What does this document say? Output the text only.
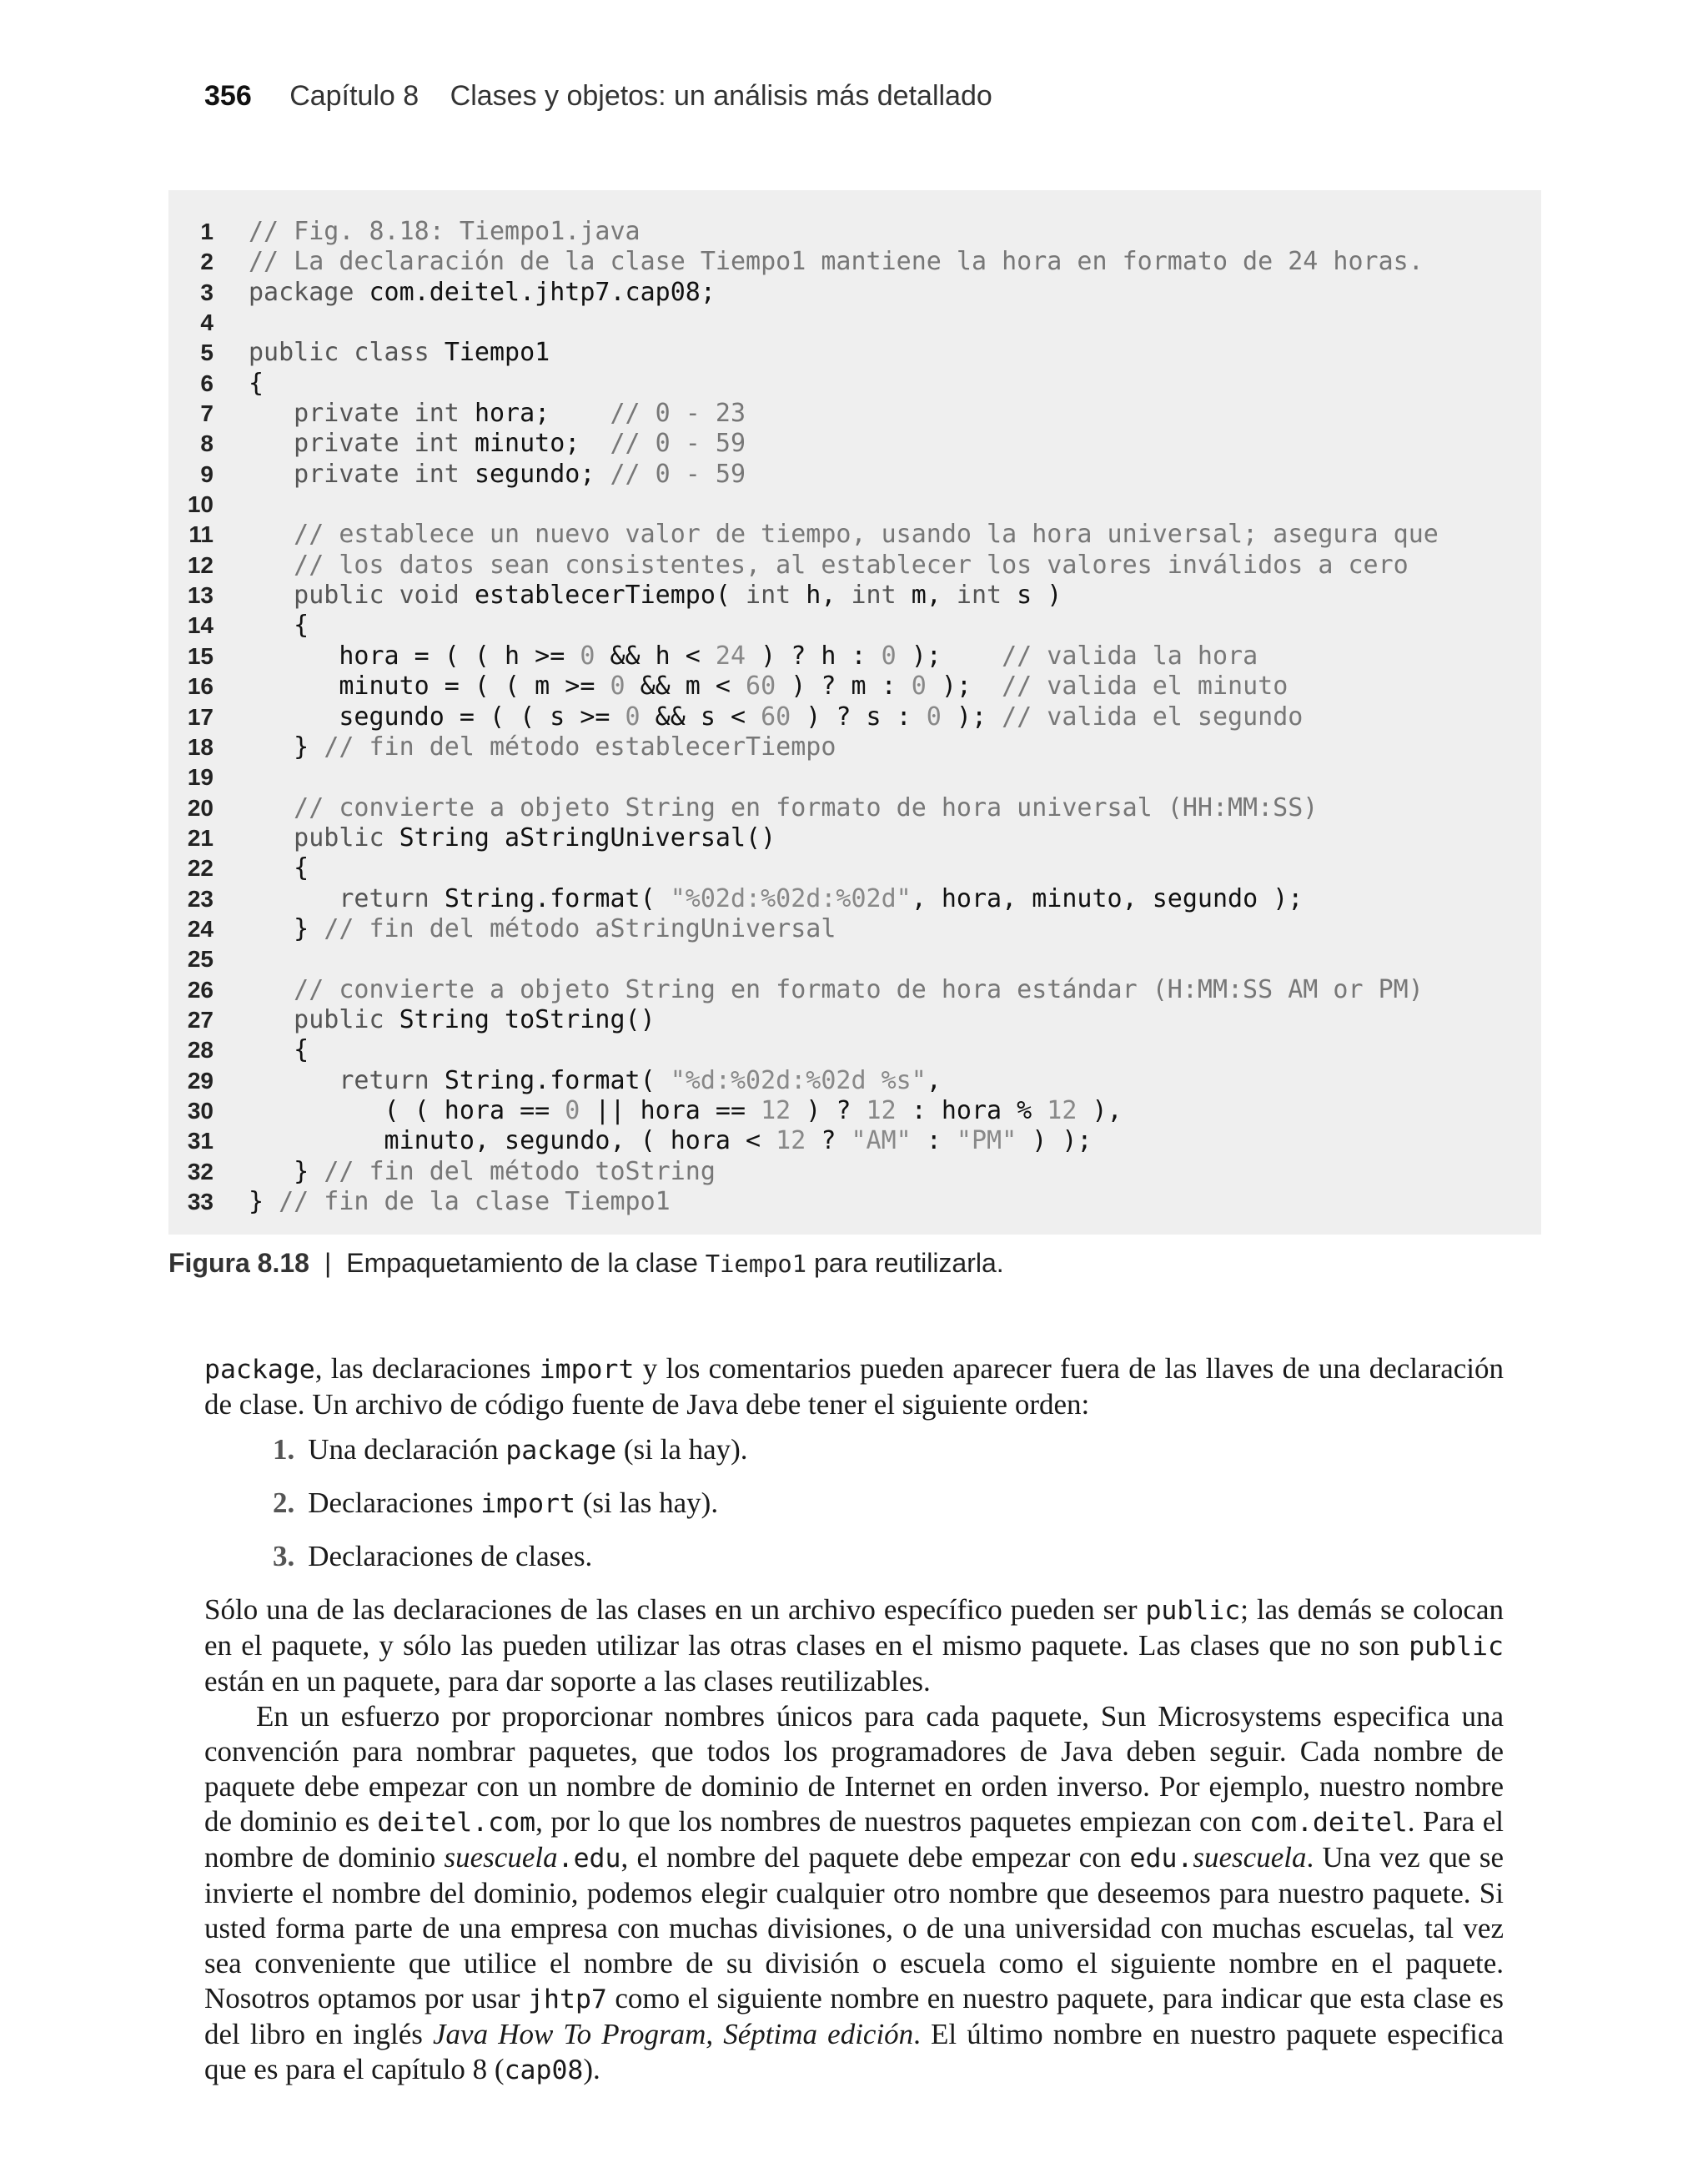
356 Capítulo 8 Clases y objetos: un análisis más detallado
1 // Fig. 8.18: Tiempo1.java
2 // La declaración de la clase Tiempo1 mantiene la hora en formato de 24 horas.
3 package com.deitel.jhtp7.cap08;
4
5 public class Tiempo1
6 {
7 private int hora;    // 0 - 23
8 private int minuto;  // 0 - 59
9 private int segundo; // 0 - 59
10
11 // establece un nuevo valor de tiempo, usando la hora universal; asegura que
12 // los datos sean consistentes, al establecer los valores inválidos a cero
13 public void establecerTiempo( int h, int m, int s )
14 {
15 hora = ( ( h >= 0 && h < 24 ) ? h : 0 );    // valida la hora
16 minuto = ( ( m >= 0 && m < 60 ) ? m : 0 );  // valida el minuto
17 segundo = ( ( s >= 0 && s < 60 ) ? s : 0 ); // valida el segundo
18 } // fin del método establecerTiempo
19
20 // convierte a objeto String en formato de hora universal (HH:MM:SS)
21 public String aStringUniversal()
22 {
23 return String.format( "%02d:%02d:%02d", hora, minuto, segundo );
24 } // fin del método aStringUniversal
25
26 // convierte a objeto String en formato de hora estándar (H:MM:SS AM or PM)
27 public String toString()
28 {
29 return String.format( "%d:%02d:%02d %s",
30 ( ( hora == 0 || hora == 12 ) ? 12 : hora % 12 ),
31 minuto, segundo, ( hora < 12 ? "AM" : "PM" ) );
32 } // fin del método toString
33 } // fin de la clase Tiempo1
Figura 8.18 | Empaquetamiento de la clase Tiempo1 para reutilizarla.

package, las declaraciones import y los comentarios pueden aparecer fuera de las llaves de una declaración de clase. Un archivo de código fuente de Java debe tener el siguiente orden:

1. Una declaración package (si la hay).
2. Declaraciones import (si las hay).
3. Declaraciones de clases.

Sólo una de las declaraciones de las clases en un archivo específico pueden ser public; las demás se colocan en el paquete, y sólo las pueden utilizar las otras clases en el mismo paquete. Las clases que no son public están en un paquete, para dar soporte a las clases reutilizables.

En un esfuerzo por proporcionar nombres únicos para cada paquete, Sun Microsystems especifica una convención para nombrar paquetes, que todos los programadores de Java deben seguir. Cada nombre de paquete debe empezar con un nombre de dominio de Internet en orden inverso. Por ejemplo, nuestro nombre de dominio es deitel.com, por lo que los nombres de nuestros paquetes empiezan con com.deitel. Para el nombre de dominio suescuela.edu, el nombre del paquete debe empezar con edu.suescuela. Una vez que se invierte el nombre del dominio, podemos elegir cualquier otro nombre que deseemos para nuestro paquete. Si usted forma parte de una empresa con muchas divisiones, o de una universidad con muchas escuelas, tal vez sea conveniente que utilice el nombre de su división o escuela como el siguiente nombre en el paquete. Nosotros optamos por usar jhtp7 como el siguiente nombre en nuestro paquete, para indicar que esta clase es del libro en inglés Java How To Program, Séptima edición. El último nombre en nuestro paquete especifica que es para el capítulo 8 (cap08).
